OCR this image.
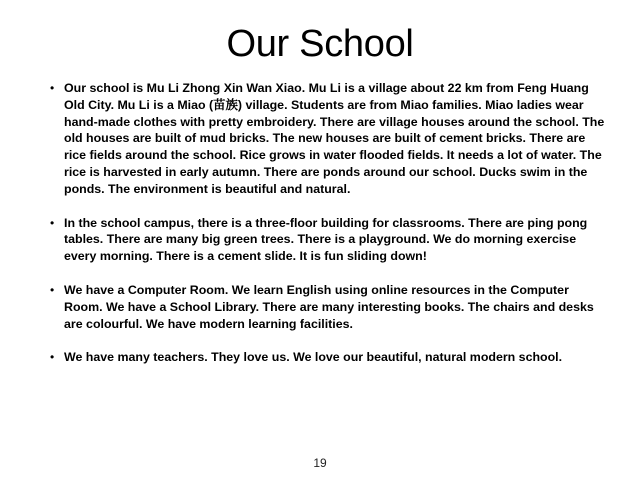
Our School
• Our school is Mu Li Zhong Xin Wan Xiao. Mu Li is a village about 22 km from Feng Huang Old City. Mu Li is a Miao (苗族) village. Students are from Miao families. Miao ladies wear hand-made clothes with pretty embroidery. There are village houses around the school. The old houses are built of mud bricks. The new houses are built of cement bricks. There are rice fields around the school. Rice grows in water flooded fields. It needs a lot of water. The rice is harvested in early autumn. There are ponds around our school. Ducks swim in the ponds. The environment is beautiful and natural.
• In the school campus, there is a three-floor building for classrooms. There are ping pong tables. There are many big green trees. There is a playground. We do morning exercise every morning. There is a cement slide. It is fun sliding down!
• We have a Computer Room. We learn English using online resources in the Computer Room. We have a School Library. There are many interesting books. The chairs and desks are colourful. We have modern learning facilities.
• We have many teachers. They love us. We love our beautiful, natural modern school.
19
